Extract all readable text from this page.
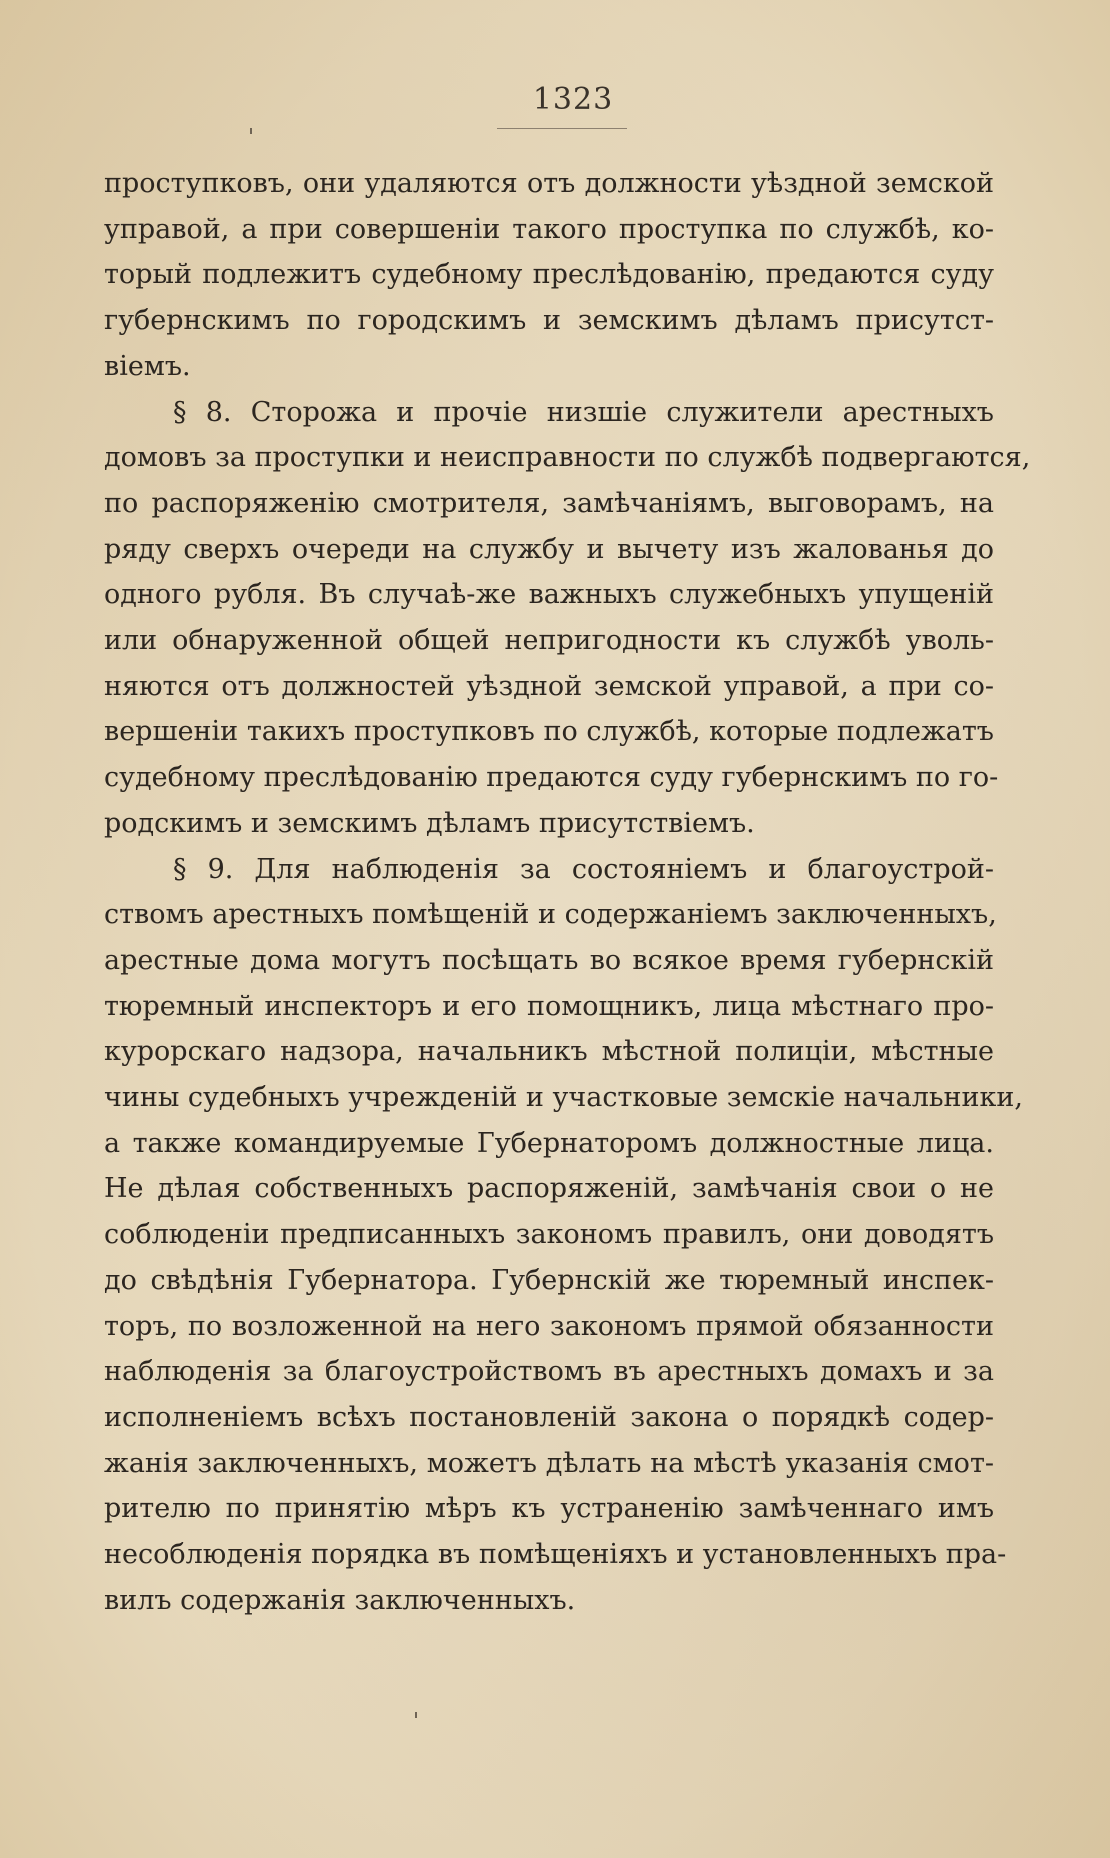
1323
проступковъ, они удаляются отъ должности уѣздной земской
управой, а при совершеніи такого проступка по службѣ, ко-
торый подлежитъ судебному преслѣдованію, предаются суду
губернскимъ по городскимъ и земскимъ дѣламъ присутст-
віемъ.
§ 8. Сторожа и прочіе низшіе служители арестныхъ
домовъ за проступки и неисправности по службѣ подвергаются,
по распоряженію смотрителя, замѣчаніямъ, выговорамъ, на
ряду сверхъ очереди на службу и вычету изъ жалованья до
одного рубля. Въ случаѣ-же важныхъ служебныхъ упущеній
или обнаруженной общей непригодности къ службѣ уволь-
няются отъ должностей уѣздной земской управой, а при со-
вершеніи такихъ проступковъ по службѣ, которые подлежатъ
судебному преслѣдованію предаются суду губернскимъ по го-
родскимъ и земскимъ дѣламъ присутствіемъ.
§ 9. Для наблюденія за состояніемъ и благоустрой-
ствомъ арестныхъ помѣщеній и содержаніемъ заключенныхъ,
арестные дома могутъ посѣщать во всякое время губернскій
тюремный инспекторъ и его помощникъ, лица мѣстнаго про-
курорскаго надзора, начальникъ мѣстной полиціи, мѣстные
чины судебныхъ учрежденій и участковые земскіе начальники,
а также командируемые Губернаторомъ должностные лица.
Не дѣлая собственныхъ распоряженій, замѣчанія свои о не
соблюденіи предписанныхъ закономъ правилъ, они доводятъ
до свѣдѣнія Губернатора. Губернскій же тюремный инспек-
торъ, по возложенной на него закономъ прямой обязанности
наблюденія за благоустройствомъ въ арестныхъ домахъ и за
исполненіемъ всѣхъ постановленій закона о порядкѣ содер-
жанія заключенныхъ, можетъ дѣлать на мѣстѣ указанія смот-
рителю по принятію мѣръ къ устраненію замѣченнаго имъ
несоблюденія порядка въ помѣщеніяхъ и установленныхъ пра-
вилъ содержанія заключенныхъ.
